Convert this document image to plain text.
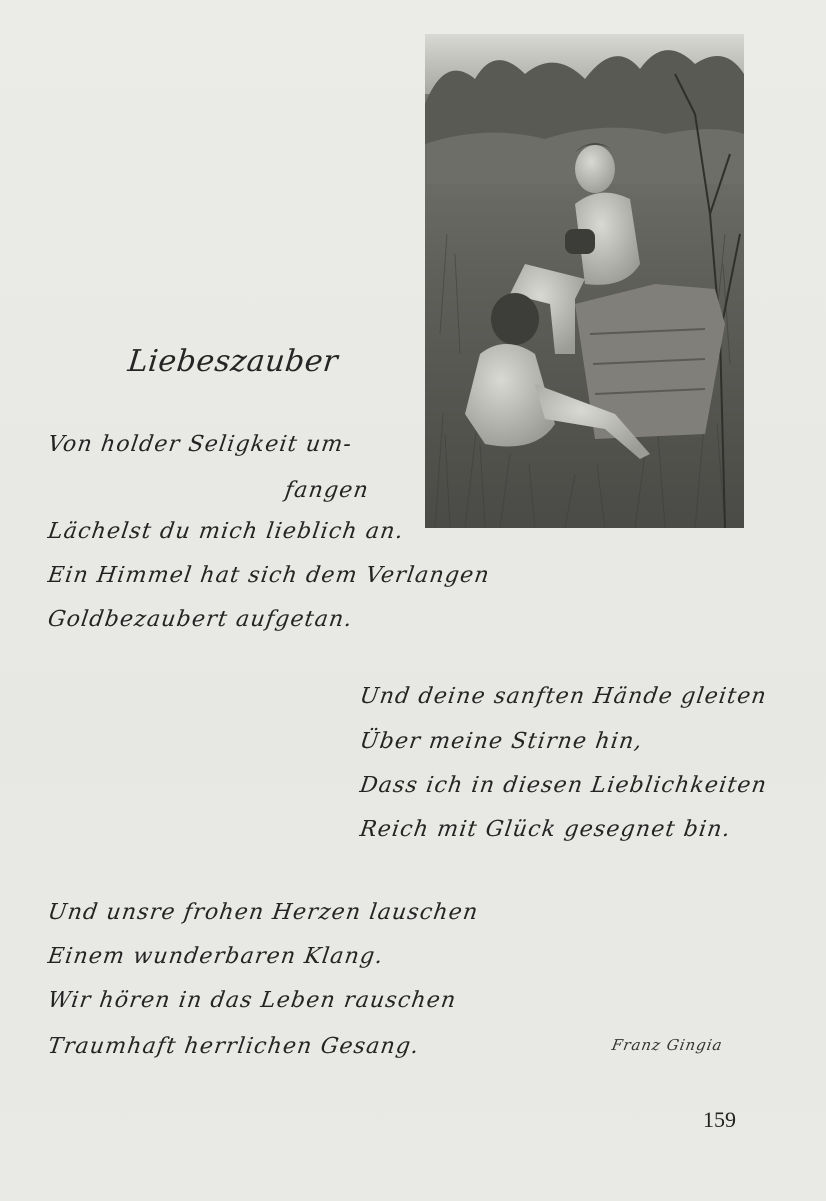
Liebeszauber
Von holder Seligkeit um-
fangen
Lächelst du mich lieblich an.
Ein Himmel hat sich dem Verlangen
Goldbezaubert aufgetan.
Und deine sanften Hände gleiten
Über meine Stirne hin,
Dass ich in diesen Lieblichkeiten
Reich mit Glück gesegnet bin.
Und unsre frohen Herzen lauschen
Einem wunderbaren Klang.
Wir hören in das Leben rauschen
Traumhaft herrlichen Gesang.	Franz Gingia
159
